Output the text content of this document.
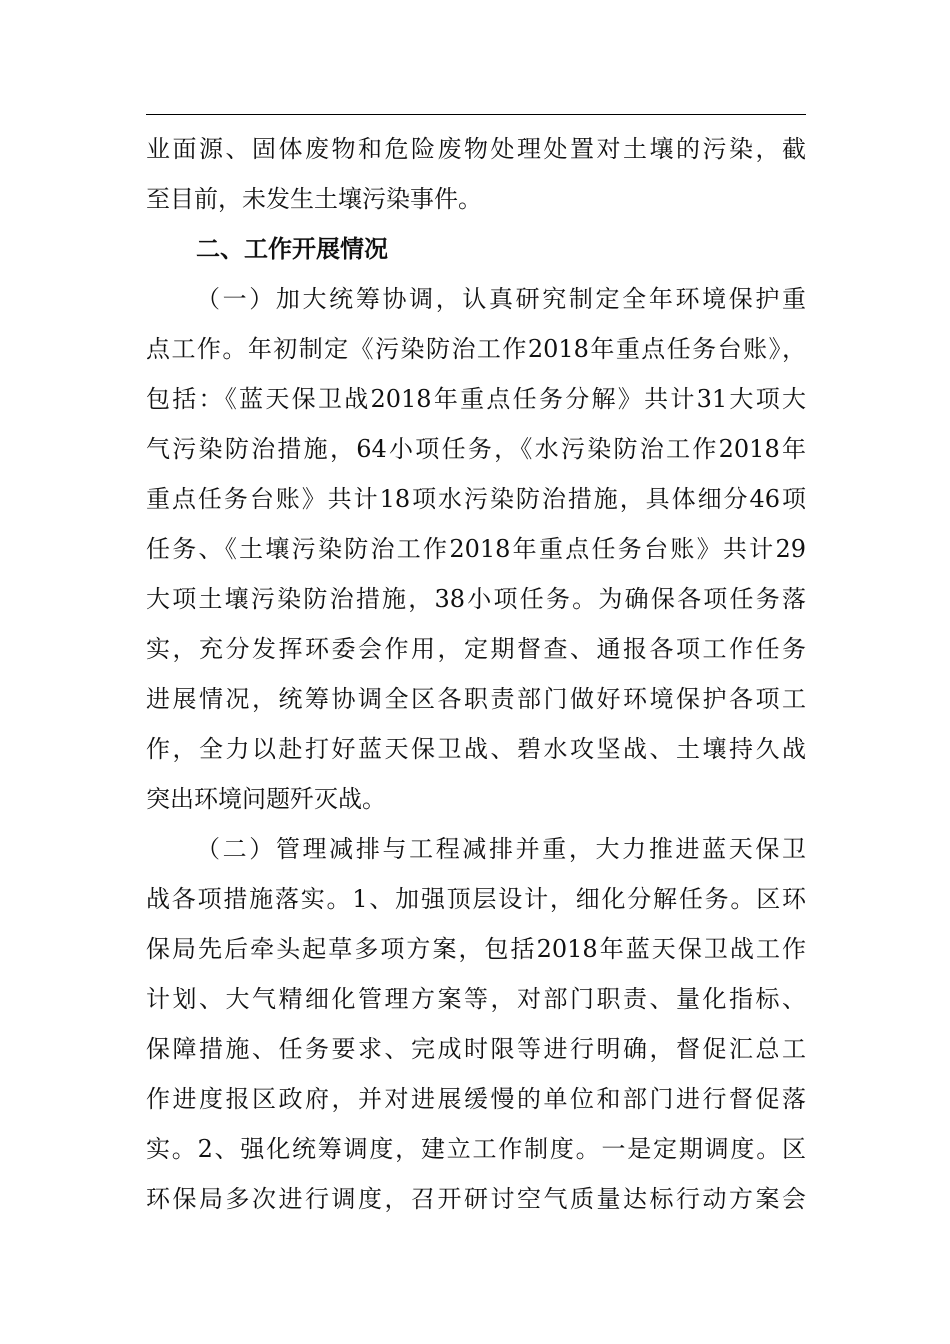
业面源、固体废物和危险废物处理处置对土壤的污染，截
至目前，未发生土壤污染事件。
二、工作开展情况
（一）加大统筹协调，认真研究制定全年环境保护重
点工作。年初制定《污染防治工作2018年重点任务台账》，
包括：《蓝天保卫战2018年重点任务分解》共计31大项大
气污染防治措施，64小项任务，《水污染防治工作2018年
重点任务台账》共计18项水污染防治措施，具体细分46项
任务、《土壤污染防治工作2018年重点任务台账》共计29
大项土壤污染防治措施，38小项任务。为确保各项任务落
实，充分发挥环委会作用，定期督查、通报各项工作任务
进展情况，统筹协调全区各职责部门做好环境保护各项工
作，全力以赴打好蓝天保卫战、碧水攻坚战、土壤持久战
突出环境问题歼灭战。
（二）管理减排与工程减排并重，大力推进蓝天保卫
战各项措施落实。1、加强顶层设计，细化分解任务。区环
保局先后牵头起草多项方案，包括2018年蓝天保卫战工作
计划、大气精细化管理方案等，对部门职责、量化指标、
保障措施、任务要求、完成时限等进行明确，督促汇总工
作进度报区政府，并对进展缓慢的单位和部门进行督促落
实。2、强化统筹调度，建立工作制度。一是定期调度。区
环保局多次进行调度，召开研讨空气质量达标行动方案会
